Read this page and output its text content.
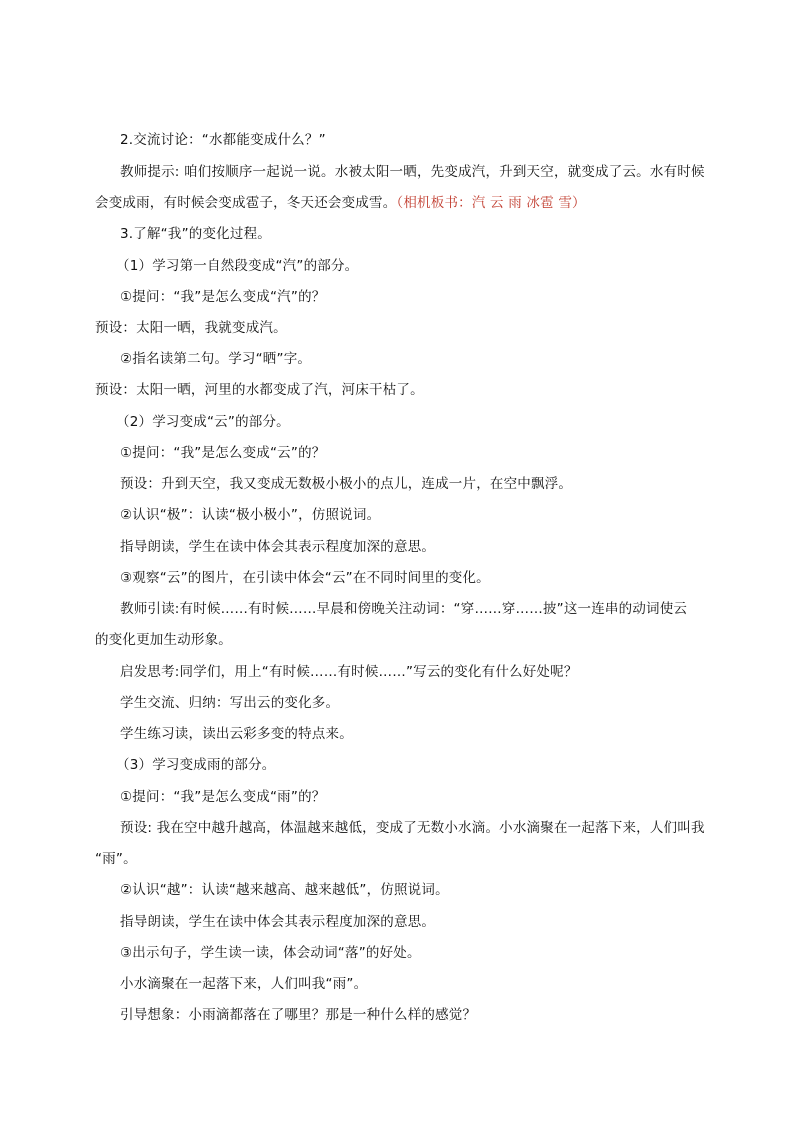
2.交流讨论：“水都能变成什么？”
教师提示: 咱们按顺序一起说一说。水被太阳一晒，先变成汽，升到天空，就变成了云。水有时候
会变成雨，有时候会变成雹子，冬天还会变成雪。（相机板书：汽 云 雨 冰雹 雪）
3.了解“我”的变化过程。
（1）学习第一自然段变成“汽”的部分。
①提问：“我”是怎么变成“汽”的？
预设：太阳一晒，我就变成汽。
②指名读第二句。学习“晒”字。
预设：太阳一晒，河里的水都变成了汽，河床干枯了。
（2）学习变成“云”的部分。
①提问：“我”是怎么变成“云”的？
预设：升到天空，我又变成无数极小极小的点儿，连成一片，在空中飘浮。
②认识“极”：认读“极小极小”，仿照说词。
指导朗读，学生在读中体会其表示程度加深的意思。
③观察“云”的图片，在引读中体会“云”在不同时间里的变化。
教师引读:有时候……有时候……早晨和傍晚关注动词：“穿……穿……披”这一连串的动词使云
的变化更加生动形象。
启发思考:同学们，用上“有时候……有时候……”写云的变化有什么好处呢？
学生交流、归纳：写出云的变化多。
学生练习读，读出云彩多变的特点来。
（3）学习变成雨的部分。
①提问：“我”是怎么变成“雨”的？
预设: 我在空中越升越高，体温越来越低，变成了无数小水滴。小水滴聚在一起落下来，人们叫我
“雨”。
②认识“越”：认读“越来越高、越来越低”，仿照说词。
指导朗读，学生在读中体会其表示程度加深的意思。
③出示句子，学生读一读，体会动词“落”的好处。
小水滴聚在一起落下来，人们叫我“雨”。
引导想象：小雨滴都落在了哪里？那是一种什么样的感觉？
